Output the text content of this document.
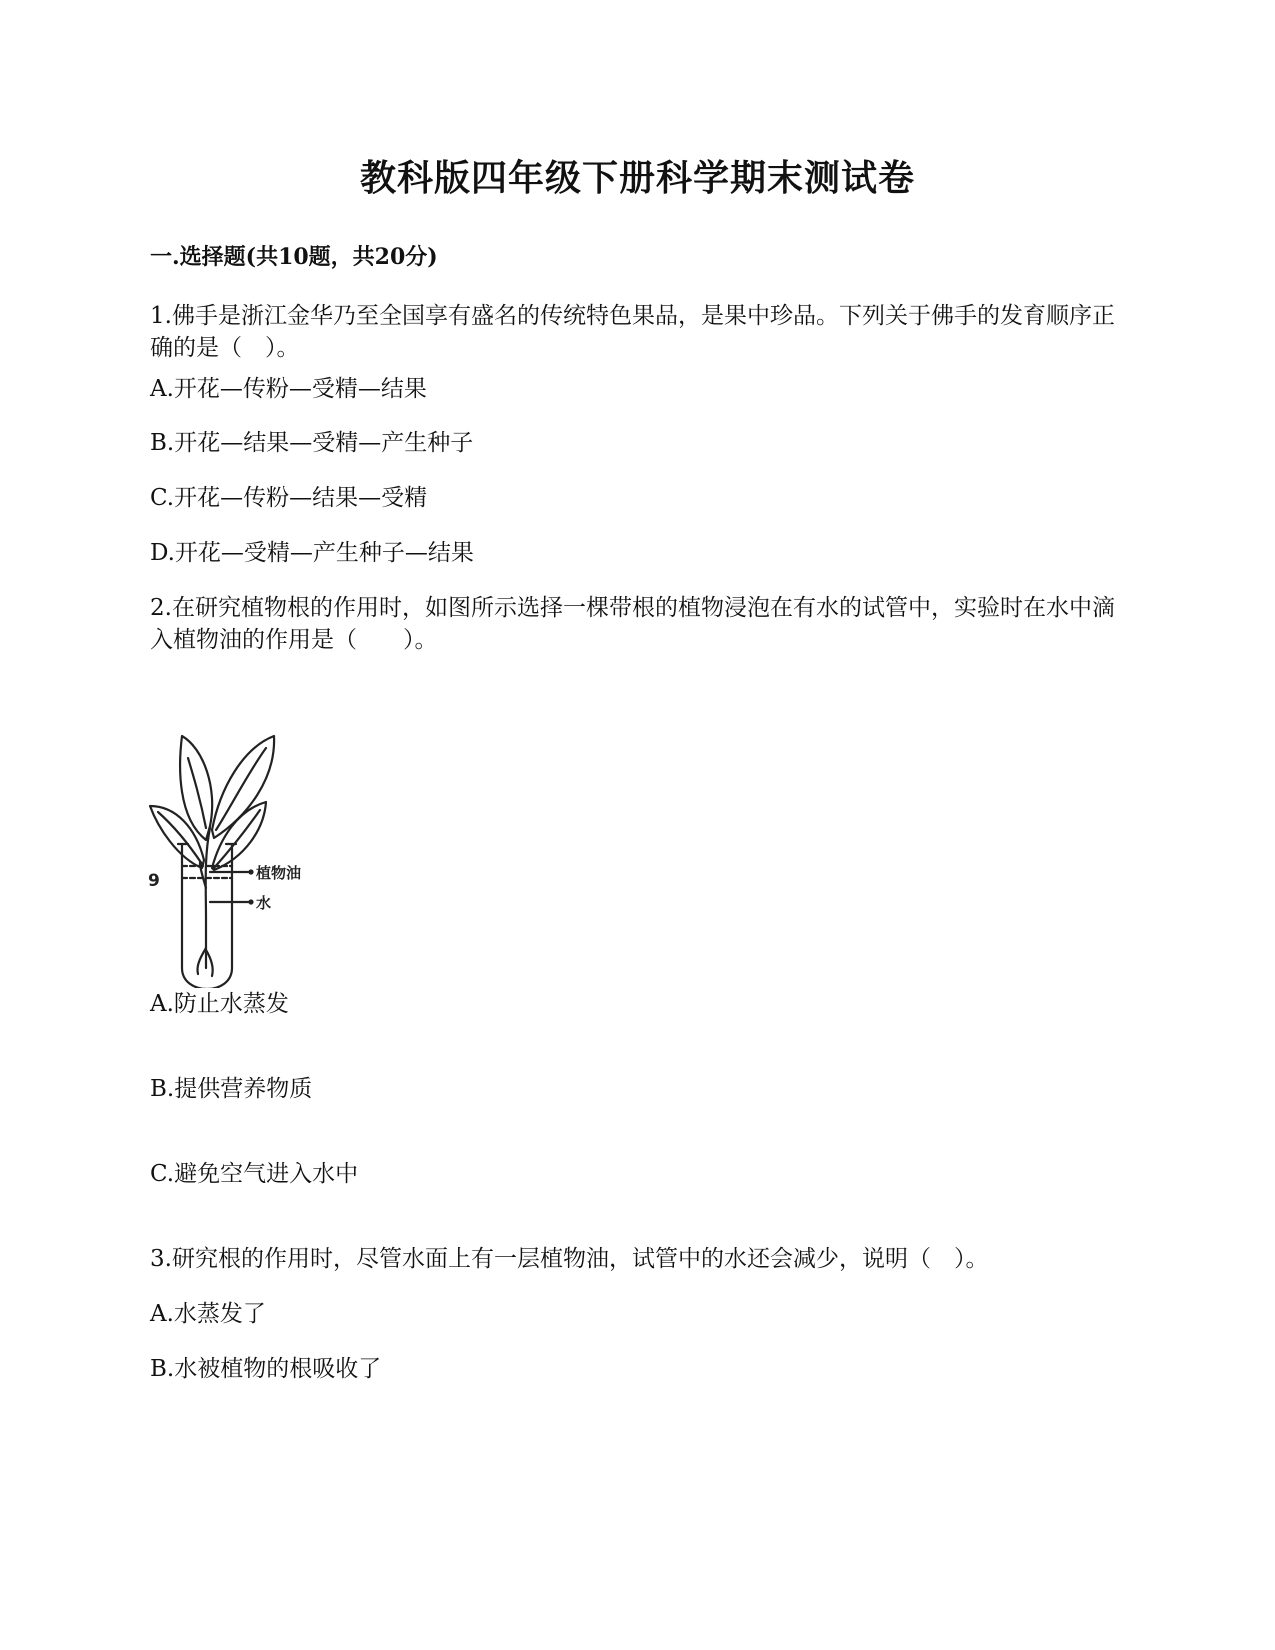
教科版四年级下册科学期末测试卷
一.选择题(共10题，共20分)
1.佛手是浙江金华乃至全国享有盛名的传统特色果品，是果中珍品。下列关于佛手的发育顺序正确的是（　）。
A.开花—传粉—受精—结果
B.开花—结果—受精—产生种子
C.开花—传粉—结果—受精
D.开花—受精—产生种子—结果
2.在研究植物根的作用时，如图所示选择一棵带根的植物浸泡在有水的试管中，实验时在水中滴入植物油的作用是（　　）。
9	植物油
水
A.防止水蒸发
B.提供营养物质
C.避免空气进入水中
3.研究根的作用时，尽管水面上有一层植物油，试管中的水还会减少，说明（　）。
A.水蒸发了
B.水被植物的根吸收了
